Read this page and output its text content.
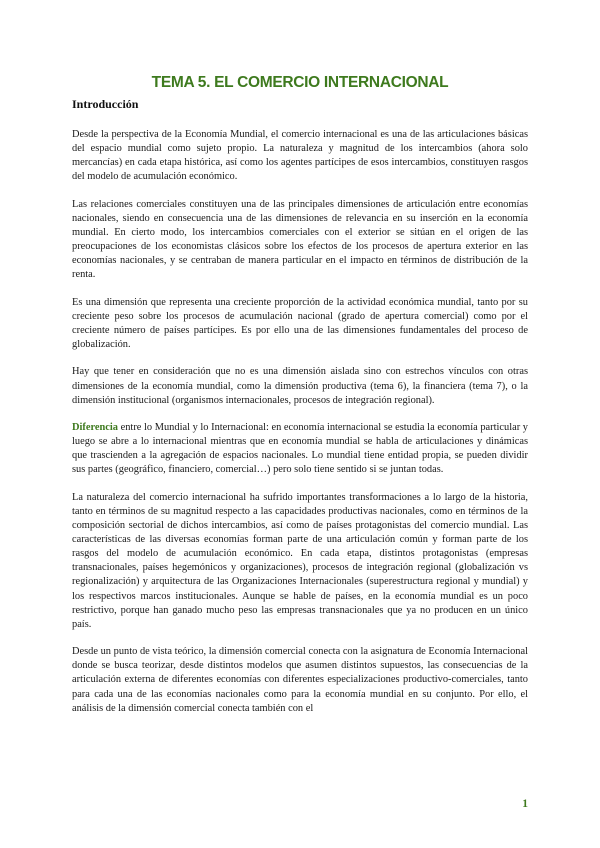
TEMA 5. EL COMERCIO INTERNACIONAL
Introducción

Desde la perspectiva de la Economía Mundial, el comercio internacional es una de las articulaciones básicas del espacio mundial como sujeto propio. La naturaleza y magnitud de los intercambios (ahora solo mercancías) en cada etapa histórica, así como los agentes partícipes de esos intercambios, constituyen rasgos del modelo de acumulación económico.

Las relaciones comerciales constituyen una de las principales dimensiones de articulación entre economías nacionales, siendo en consecuencia una de las dimensiones de relevancia en su inserción en la economía mundial. En cierto modo, los intercambios comerciales con el exterior se sitúan en el origen de las preocupaciones de los economistas clásicos sobre los efectos de los procesos de apertura exterior en las economías nacionales, y se centraban de manera particular en el impacto en términos de distribución de la renta.

Es una dimensión que representa una creciente proporción de la actividad económica mundial, tanto por su creciente peso sobre los procesos de acumulación nacional (grado de apertura comercial) como por el creciente número de países partícipes. Es por ello una de las dimensiones fundamentales del proceso de globalización.

Hay que tener en consideración que no es una dimensión aislada sino con estrechos vínculos con otras dimensiones de la economía mundial, como la dimensión productiva (tema 6), la financiera (tema 7), o la dimensión institucional (organismos internacionales, procesos de integración regional).

Diferencia entre lo Mundial y lo Internacional: en economía internacional se estudia la economía particular y luego se abre a lo internacional mientras que en economía mundial se habla de articulaciones y dinámicas que trascienden a la agregación de espacios nacionales. Lo mundial tiene entidad propia, se pueden dividir sus partes (geográfico, financiero, comercial…) pero solo tiene sentido si se juntan todas.

La naturaleza del comercio internacional ha sufrido importantes transformaciones a lo largo de la historia, tanto en términos de su magnitud respecto a las capacidades productivas nacionales, como en términos de la composición sectorial de dichos intercambios, así como de países protagonistas del comercio mundial. Las características de las diversas economías forman parte de una articulación común y forman parte de los rasgos del modelo de acumulación económico. En cada etapa, distintos protagonistas (empresas transnacionales, países hegemónicos y organizaciones), procesos de integración regional (globalización vs regionalización) y arquitectura de las Organizaciones Internacionales (superestructura regional y mundial) y los respectivos marcos institucionales. Aunque se hable de países, en la economía mundial es un poco restrictivo, porque han ganado mucho peso las empresas transnacionales que ya no producen en un único país.

Desde un punto de vista teórico, la dimensión comercial conecta con la asignatura de Economía Internacional donde se busca teorizar, desde distintos modelos que asumen distintos supuestos, las consecuencias de la articulación externa de diferentes economías con diferentes especializaciones productivo-comerciales, tanto para cada una de las economías nacionales como para la economía mundial en su conjunto. Por ello, el análisis de la dimensión comercial conecta también con el

1
